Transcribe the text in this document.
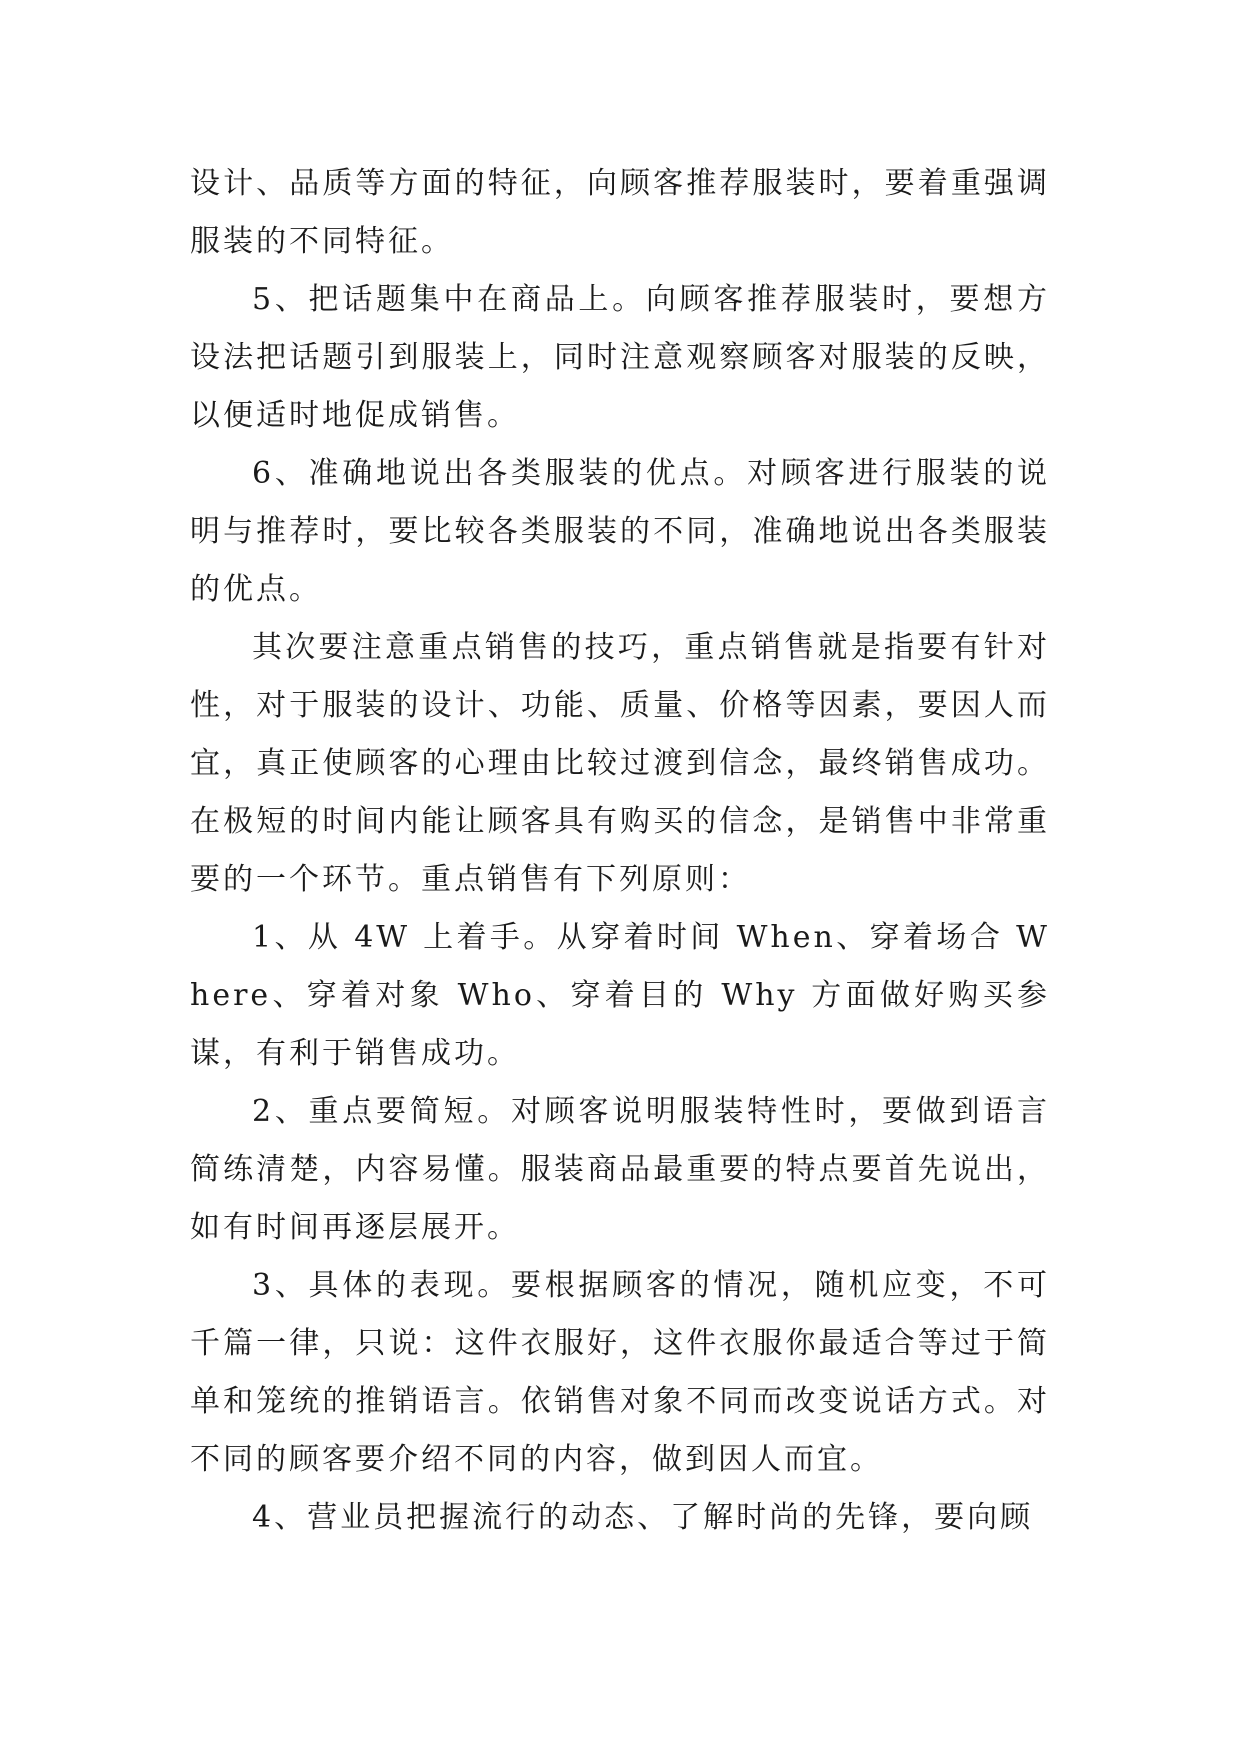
设计、品质等方面的特征，向顾客推荐服装时，要着重强调服装的不同特征。

5、把话题集中在商品上。向顾客推荐服装时，要想方设法把话题引到服装上，同时注意观察顾客对服装的反映，以便适时地促成销售。

6、准确地说出各类服装的优点。对顾客进行服装的说明与推荐时，要比较各类服装的不同，准确地说出各类服装的优点。

其次要注意重点销售的技巧，重点销售就是指要有针对性，对于服装的设计、功能、质量、价格等因素，要因人而宜，真正使顾客的心理由比较过渡到信念，最终销售成功。在极短的时间内能让顾客具有购买的信念，是销售中非常重要的一个环节。重点销售有下列原则：

1、从 4W 上着手。从穿着时间 When、穿着场合 Where、穿着对象 Who、穿着目的 Why 方面做好购买参谋，有利于销售成功。

2、重点要简短。对顾客说明服装特性时，要做到语言简练清楚，内容易懂。服装商品最重要的特点要首先说出，如有时间再逐层展开。

3、具体的表现。要根据顾客的情况，随机应变，不可千篇一律，只说：这件衣服好，这件衣服你最适合等过于简单和笼统的推销语言。依销售对象不同而改变说话方式。对不同的顾客要介绍不同的内容，做到因人而宜。

4、营业员把握流行的动态、了解时尚的先锋，要向顾
